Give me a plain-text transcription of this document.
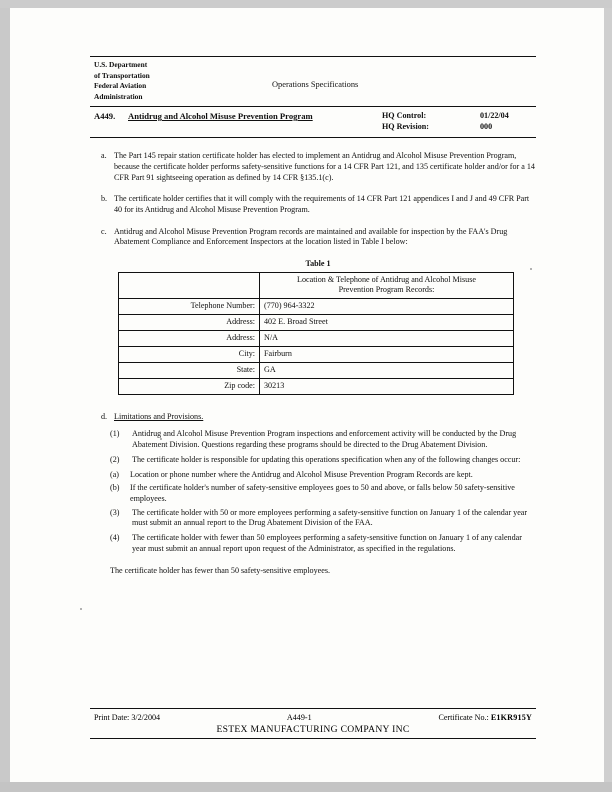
U.S. Department
of Transportation
Federal Aviation
Administration
Operations Specifications
A449.	Antidrug and Alcohol Misuse Prevention Program	HQ Control:	01/22/04
HQ Revision:	000
a. The Part 145 repair station certificate holder has elected to implement an Antidrug and Alcohol Misuse Prevention Program, because the certificate holder performs safety-sensitive functions for a 14 CFR Part 121, and 135 certificate holder and/or for a 14 CFR Part 91 sightseeing operation as defined by 14 CFR §135.1(c).
b. The certificate holder certifies that it will comply with the requirements of 14 CFR Part 121 appendices I and J and 49 CFR Part 40 for its Antidrug and Alcohol Misuse Prevention Program.
c. Antidrug and Alcohol Misuse Prevention Program records are maintained and available for inspection by the FAA's Drug Abatement Compliance and Enforcement Inspectors at the location listed in Table I below:
Table 1

	Location & Telephone of Antidrug and Alcohol Misuse
Prevention Program Records:

Telephone Number:	(770) 964-3322
Address:	402 E. Broad Street
Address:	N/A
City:	Fairburn
State:	GA
Zip code:	30213
d. Limitations and Provisions.
(1)	Antidrug and Alcohol Misuse Prevention Program inspections and enforcement activity will be conducted by the Drug Abatement Division. Questions regarding these programs should be directed to the Drug Abatement Division.
(2)	The certificate holder is responsible for updating this operations specification when any of the following changes occur:
(a)	Location or phone number where the Antidrug and Alcohol Misuse Prevention Program Records are kept.
(b)	If the certificate holder's number of safety-sensitive employees goes to 50 and above, or falls below 50 safety-sensitive employees.
(3)	The certificate holder with 50 or more employees performing a safety-sensitive function on January 1 of the calendar year must submit an annual report to the Drug Abatement Division of the FAA.
(4)	The certificate holder with fewer than 50 employees performing a safety-sensitive function on January 1 of any calendar year must submit an annual report upon request of the Administrator, as specified in the regulations.
The certificate holder has fewer than 50 safety-sensitive employees.
Print Date: 3/2/2004	A449-1	Certificate No.: E1KR915Y
ESTEX MANUFACTURING COMPANY INC
